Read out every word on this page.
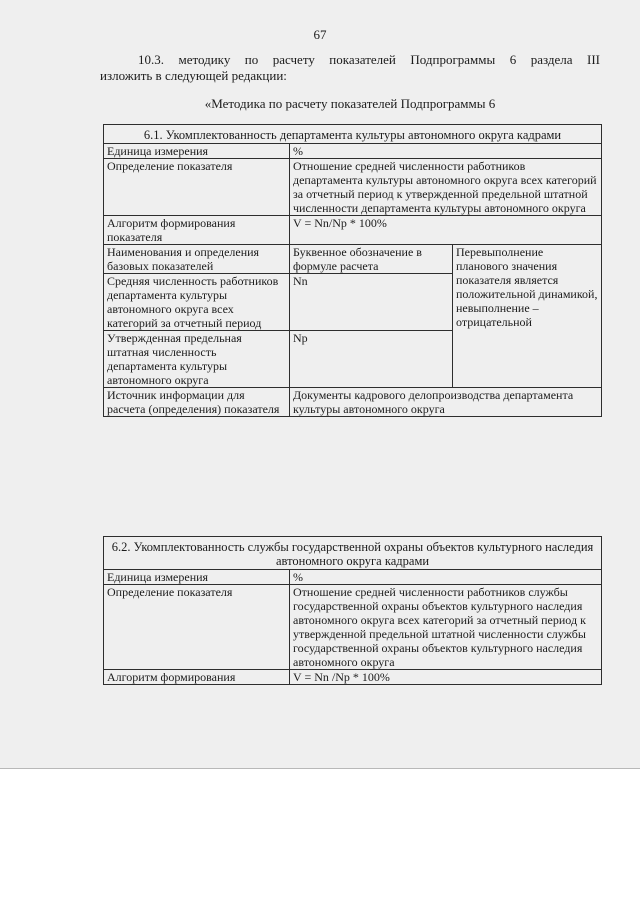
67
10.3. методику по расчету показателей Подпрограммы 6 раздела III
изложить в следующей редакции:
«Методика по расчету показателей Подпрограммы 6
6.1. Укомплектованность департамента культуры автономного округа кадрами		
Единица измерения	%	
Определение показателя	Отношение средней численности работников департамента культуры автономного округа всех категорий за отчетный период к утвержденной предельной штатной численности департамента культуры автономного округа	
Алгоритм формирования показателя	V = Nn/Np * 100%	
Наименования и определения базовых показателей	Буквенное обозначение в формуле расчета	Перевыполнение планового значения показателя является положительной динамикой, невыполнение – отрицательной
Средняя численность работников департамента культуры автономного округа всех категорий за отчетный период	Nn	
Утвержденная предельная штатная численность департамента культуры автономного округа	Np	
Источник информации для расчета (определения) показателя	Документы кадрового делопроизводства департамента культуры автономного округа	
6.2. Укомплектованность службы государственной охраны объектов культурного наследия автономного округа кадрами	
Единица измерения	%
Определение показателя	Отношение средней численности работников службы государственной охраны объектов культурного наследия автономного округа всех категорий за отчетный период к утвержденной предельной штатной численности службы государственной охраны объектов культурного наследия автономного округа
Алгоритм формирования	V = Nn /Np * 100%
